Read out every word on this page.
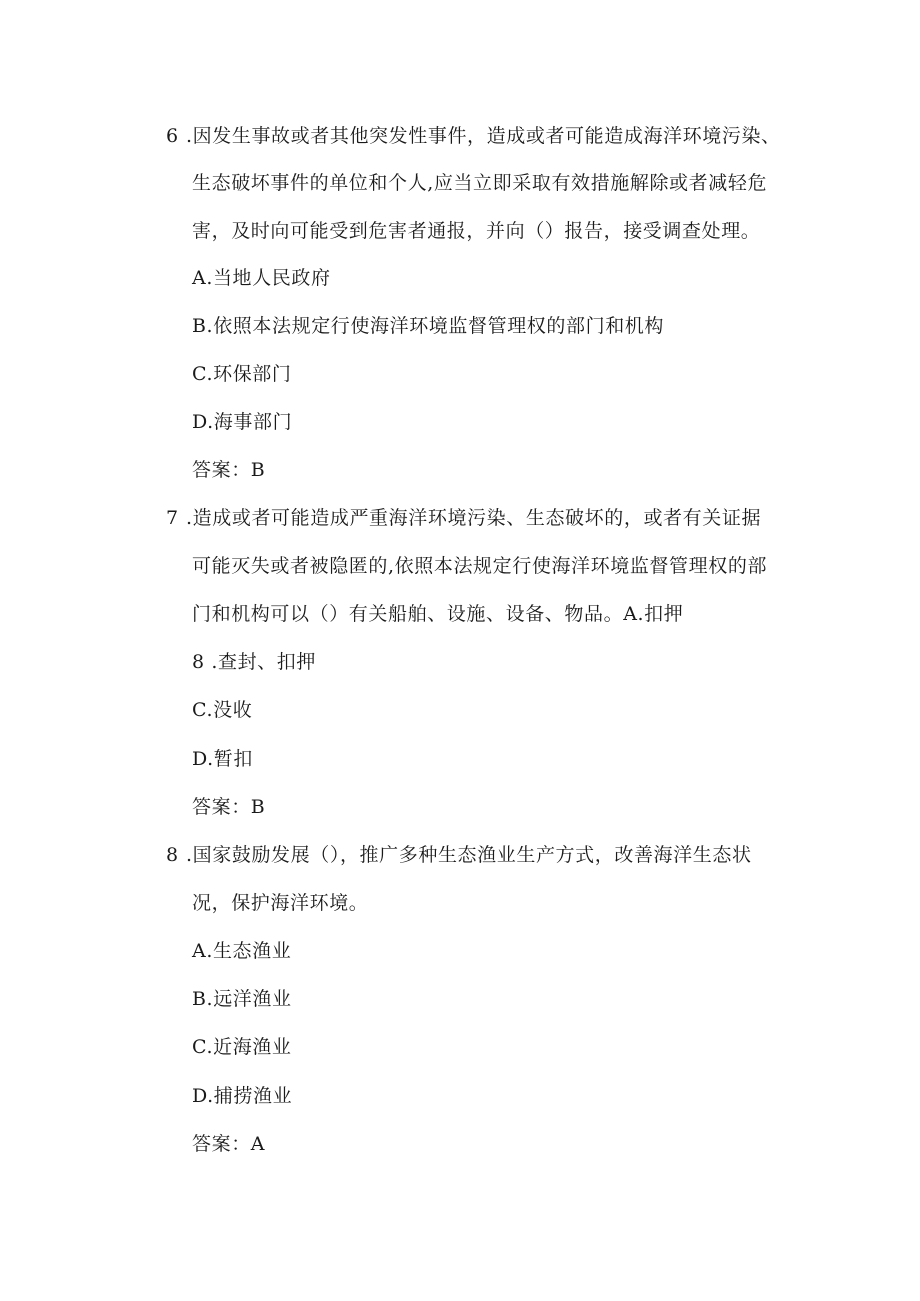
6 .因发生事故或者其他突发性事件，造成或者可能造成海洋环境污染、
生态破坏事件的单位和个人,应当立即采取有效措施解除或者减轻危
害，及时向可能受到危害者通报，并向（）报告，接受调查处理。
A.当地人民政府
B.依照本法规定行使海洋环境监督管理权的部门和机构
C.环保部门
D.海事部门
答案：B
7 .造成或者可能造成严重海洋环境污染、生态破坏的，或者有关证据
可能灭失或者被隐匿的,依照本法规定行使海洋环境监督管理权的部
门和机构可以（）有关船舶、设施、设备、物品。A.扣押
8 .查封、扣押
C.没收
D.暂扣
答案：B
8 .国家鼓励发展（），推广多种生态渔业生产方式，改善海洋生态状
况，保护海洋环境。
A.生态渔业
B.远洋渔业
C.近海渔业
D.捕捞渔业
答案：A
